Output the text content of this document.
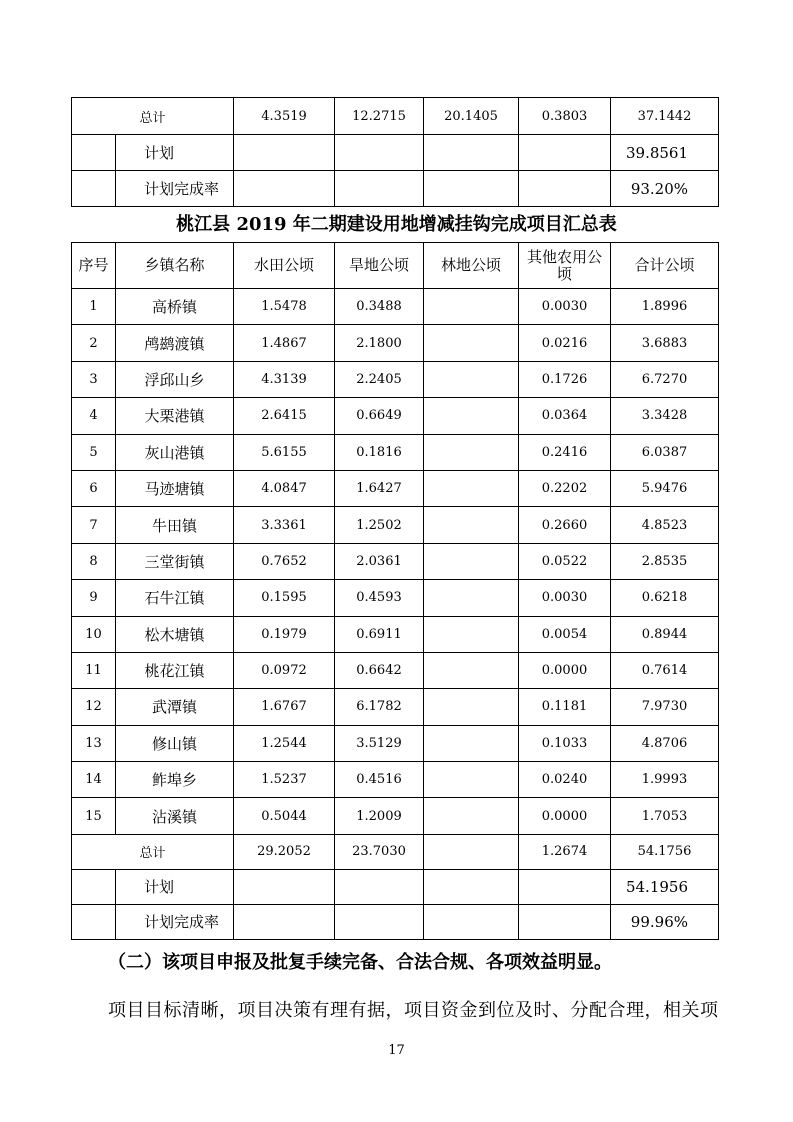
总计		4.3519	12.2715	20.1405	0.3803	37.1442
	计划					39.8561
	计划完成率					93.20%
桃江县 2019 年二期建设用地增减挂钩完成项目汇总表
序号	乡镇名称	水田公顷	旱地公顷	林地公顷	其他农用公顷	合计公顷
1	高桥镇	1.5478	0.3488		0.0030	1.8996
2	鸬鹚渡镇	1.4867	2.1800		0.0216	3.6883
3	浮邱山乡	4.3139	2.2405		0.1726	6.7270
4	大栗港镇	2.6415	0.6649		0.0364	3.3428
5	灰山港镇	5.6155	0.1816		0.2416	6.0387
6	马迹塘镇	4.0847	1.6427		0.2202	5.9476
7	牛田镇	3.3361	1.2502		0.2660	4.8523
8	三堂街镇	0.7652	2.0361		0.0522	2.8535
9	石牛江镇	0.1595	0.4593		0.0030	0.6218
10	松木塘镇	0.1979	0.6911		0.0054	0.8944
11	桃花江镇	0.0972	0.6642		0.0000	0.7614
12	武潭镇	1.6767	6.1782		0.1181	7.9730
13	修山镇	1.2544	3.5129		0.1033	4.8706
14	鲊埠乡	1.5237	0.4516		0.0240	1.9993
15	沾溪镇	0.5044	1.2009		0.0000	1.7053
总计		29.2052	23.7030		1.2674	54.1756
	计划					54.1956
	计划完成率					99.96%
（二）该项目申报及批复手续完备、合法合规、各项效益明显。
项目目标清晰，项目决策有理有据，项目资金到位及时、分配合理，相关项
17
